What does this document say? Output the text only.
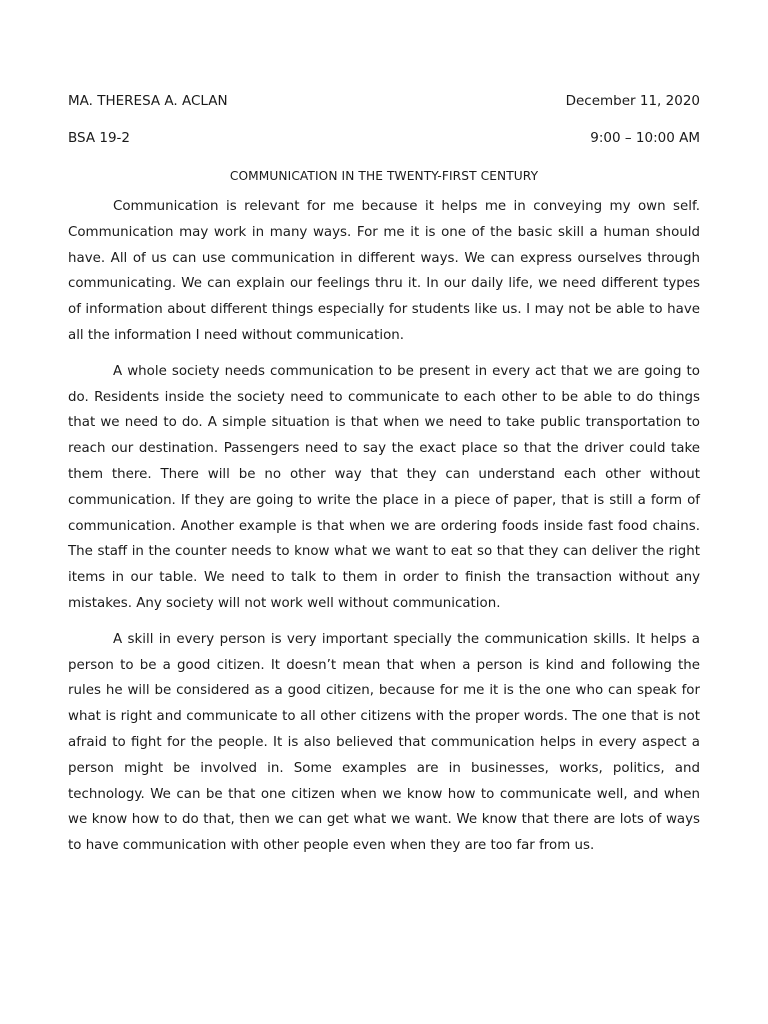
MA. THERESA A. ACLAN	December 11, 2020
BSA 19-2	9:00 – 10:00 AM
COMMUNICATION IN THE TWENTY-FIRST CENTURY

Communication is relevant for me because it helps me in conveying my own self. Communication may work in many ways. For me it is one of the basic skill a human should have. All of us can use communication in different ways. We can express ourselves through communicating. We can explain our feelings thru it. In our daily life, we need different types of information about different things especially for students like us. I may not be able to have all the information I need without communication.

A whole society needs communication to be present in every act that we are going to do. Residents inside the society need to communicate to each other to be able to do things that we need to do. A simple situation is that when we need to take public transportation to reach our destination. Passengers need to say the exact place so that the driver could take them there. There will be no other way that they can understand each other without communication. If they are going to write the place in a piece of paper, that is still a form of communication. Another example is that when we are ordering foods inside fast food chains. The staff in the counter needs to know what we want to eat so that they can deliver the right items in our table. We need to talk to them in order to finish the transaction without any mistakes. Any society will not work well without communication.

A skill in every person is very important specially the communication skills. It helps a person to be a good citizen. It doesn’t mean that when a person is kind and following the rules he will be considered as a good citizen, because for me it is the one who can speak for what is right and communicate to all other citizens with the proper words. The one that is not afraid to fight for the people. It is also believed that communication helps in every aspect a person might be involved in. Some examples are in businesses, works, politics, and technology. We can be that one citizen when we know how to communicate well, and when we know how to do that, then we can get what we want. We know that there are lots of ways to have communication with other people even when they are too far from us.
